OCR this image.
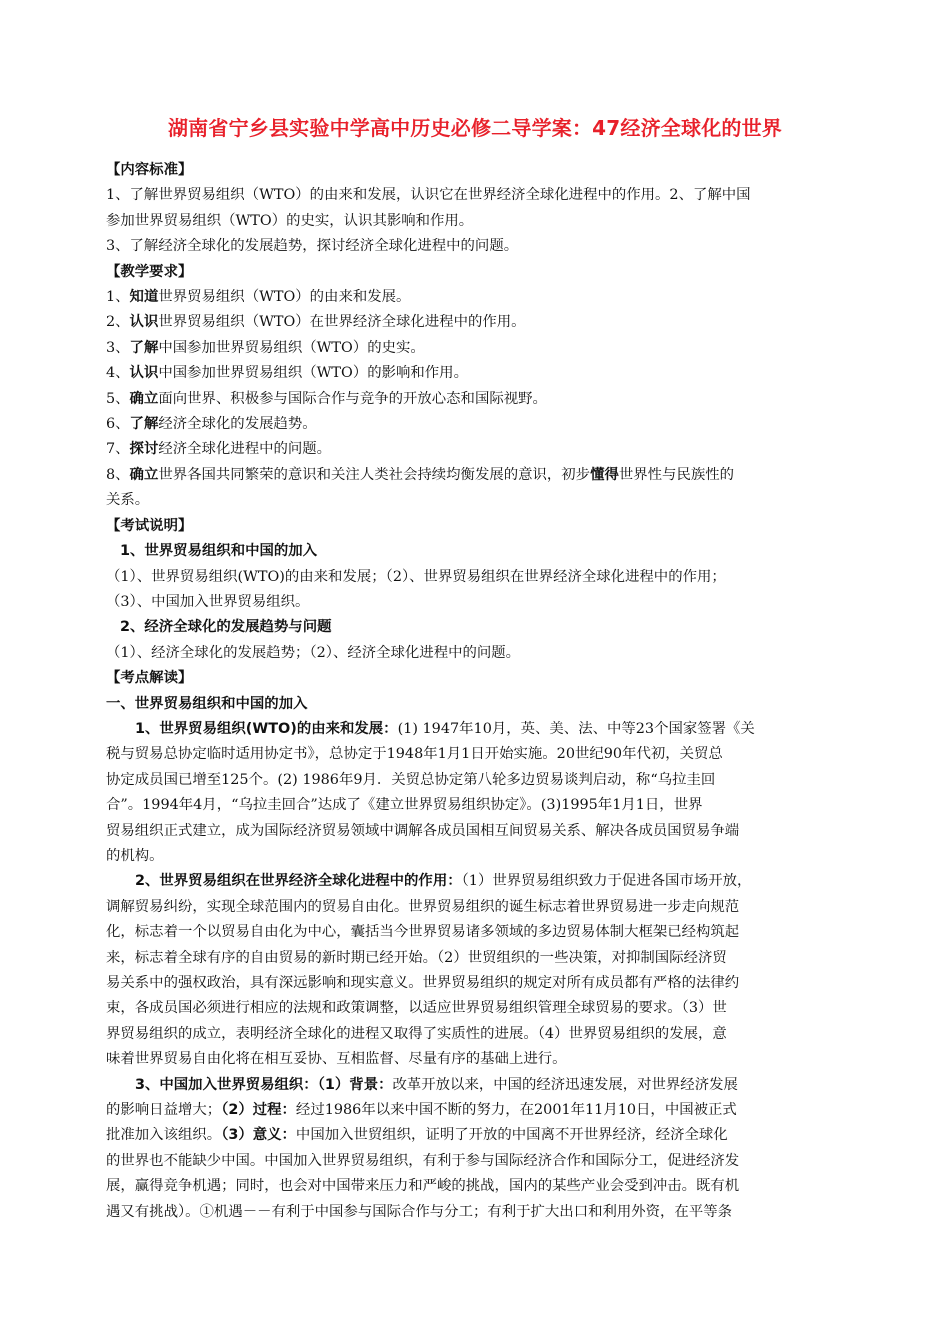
湖南省宁乡县实验中学高中历史必修二导学案：47经济全球化的世界

【内容标准】

1、了解世界贸易组织（WTO）的由来和发展，认识它在世界经济全球化进程中的作用。2、了解中国

参加世界贸易组织（WTO）的史实，认识其影响和作用。

3、了解经济全球化的发展趋势，探讨经济全球化进程中的问题。

【教学要求】

1、知道世界贸易组织（WTO）的由来和发展。

2、认识世界贸易组织（WTO）在世界经济全球化进程中的作用。

3、了解中国参加世界贸易组织（WTO）的史实。

4、认识中国参加世界贸易组织（WTO）的影响和作用。

5、确立面向世界、积极参与国际合作与竞争的开放心态和国际视野。

6、了解经济全球化的发展趋势。

7、探讨经济全球化进程中的问题。

8、确立世界各国共同繁荣的意识和关注人类社会持续均衡发展的意识，初步懂得世界性与民族性的

关系。

【考试说明】

1、世界贸易组织和中国的加入

（1）、世界贸易组织(WTO)的由来和发展；（2）、世界贸易组织在世界经济全球化进程中的作用；

（3）、中国加入世界贸易组织。

2、经济全球化的发展趋势与问题

（1）、经济全球化的发展趋势；（2）、经济全球化进程中的问题。

【考点解读】

一、世界贸易组织和中国的加入

1、世界贸易组织(WTO)的由来和发展：(1) 1947年10月，英、美、法、中等23个国家签署《关

税与贸易总协定临时适用协定书》，总协定于1948年1月1日开始实施。20世纪90年代初，关贸总

协定成员国已增至125个。(2) 1986年9月．关贸总协定第八轮多边贸易谈判启动，称“乌拉圭回

合”。1994年4月，“乌拉圭回合”达成了《建立世界贸易组织协定》。(3)1995年1月1日，世界

贸易组织正式建立，成为国际经济贸易领域中调解各成员国相互间贸易关系、解决各成员国贸易争端

的机构。

2、世界贸易组织在世界经济全球化进程中的作用：（1）世界贸易组织致力于促进各国市场开放，

调解贸易纠纷，实现全球范围内的贸易自由化。世界贸易组织的诞生标志着世界贸易进一步走向规范

化，标志着一个以贸易自由化为中心，囊括当今世界贸易诸多领域的多边贸易体制大框架已经构筑起

来，标志着全球有序的自由贸易的新时期已经开始。（2）世贸组织的一些决策，对抑制国际经济贸

易关系中的强权政治，具有深远影响和现实意义。世界贸易组织的规定对所有成员都有严格的法律约

束，各成员国必须进行相应的法规和政策调整，以适应世界贸易组织管理全球贸易的要求。（3）世

界贸易组织的成立，表明经济全球化的进程又取得了实质性的进展。（4）世界贸易组织的发展，意

味着世界贸易自由化将在相互妥协、互相监督、尽量有序的基础上进行。

3、中国加入世界贸易组织：（1）背景：改革开放以来，中国的经济迅速发展，对世界经济发展

的影响日益增大；（2）过程：经过1986年以来中国不断的努力，在2001年11月10日，中国被正式

批准加入该组织。（3）意义：中国加入世贸组织，证明了开放的中国离不开世界经济，经济全球化

的世界也不能缺少中国。中国加入世界贸易组织，有利于参与国际经济合作和国际分工，促进经济发

展，赢得竞争机遇；同时，也会对中国带来压力和严峻的挑战，国内的某些产业会受到冲击。既有机

遇又有挑战）。①机遇－－有利于中国参与国际合作与分工；有利于扩大出口和利用外资，在平等条
